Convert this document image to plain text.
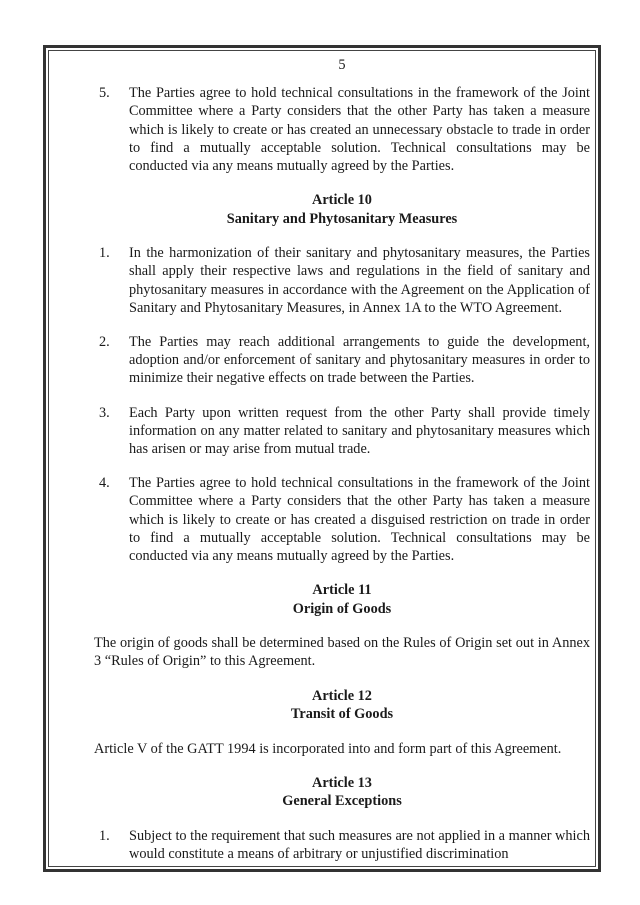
5
5. The Parties agree to hold technical consultations in the framework of the Joint Committee where a Party considers that the other Party has taken a measure which is likely to create or has created an unnecessary obstacle to trade in order to find a mutually acceptable solution. Technical consultations may be conducted via any means mutually agreed by the Parties.
Article 10
Sanitary and Phytosanitary Measures
1. In the harmonization of their sanitary and phytosanitary measures, the Parties shall apply their respective laws and regulations in the field of sanitary and phytosanitary measures in accordance with the Agreement on the Application of Sanitary and Phytosanitary Measures, in Annex 1A to the WTO Agreement.
2. The Parties may reach additional arrangements to guide the development, adoption and/or enforcement of sanitary and phytosanitary measures in order to minimize their negative effects on trade between the Parties.
3. Each Party upon written request from the other Party shall provide timely information on any matter related to sanitary and phytosanitary measures which has arisen or may arise from mutual trade.
4. The Parties agree to hold technical consultations in the framework of the Joint Committee where a Party considers that the other Party has taken a measure which is likely to create or has created a disguised restriction on trade in order to find a mutually acceptable solution. Technical consultations may be conducted via any means mutually agreed by the Parties.
Article 11
Origin of Goods
The origin of goods shall be determined based on the Rules of Origin set out in Annex 3 “Rules of Origin” to this Agreement.
Article 12
Transit of Goods
Article V of the GATT 1994 is incorporated into and form part of this Agreement.
Article 13
General Exceptions
1. Subject to the requirement that such measures are not applied in a manner which would constitute a means of arbitrary or unjustified discrimination
